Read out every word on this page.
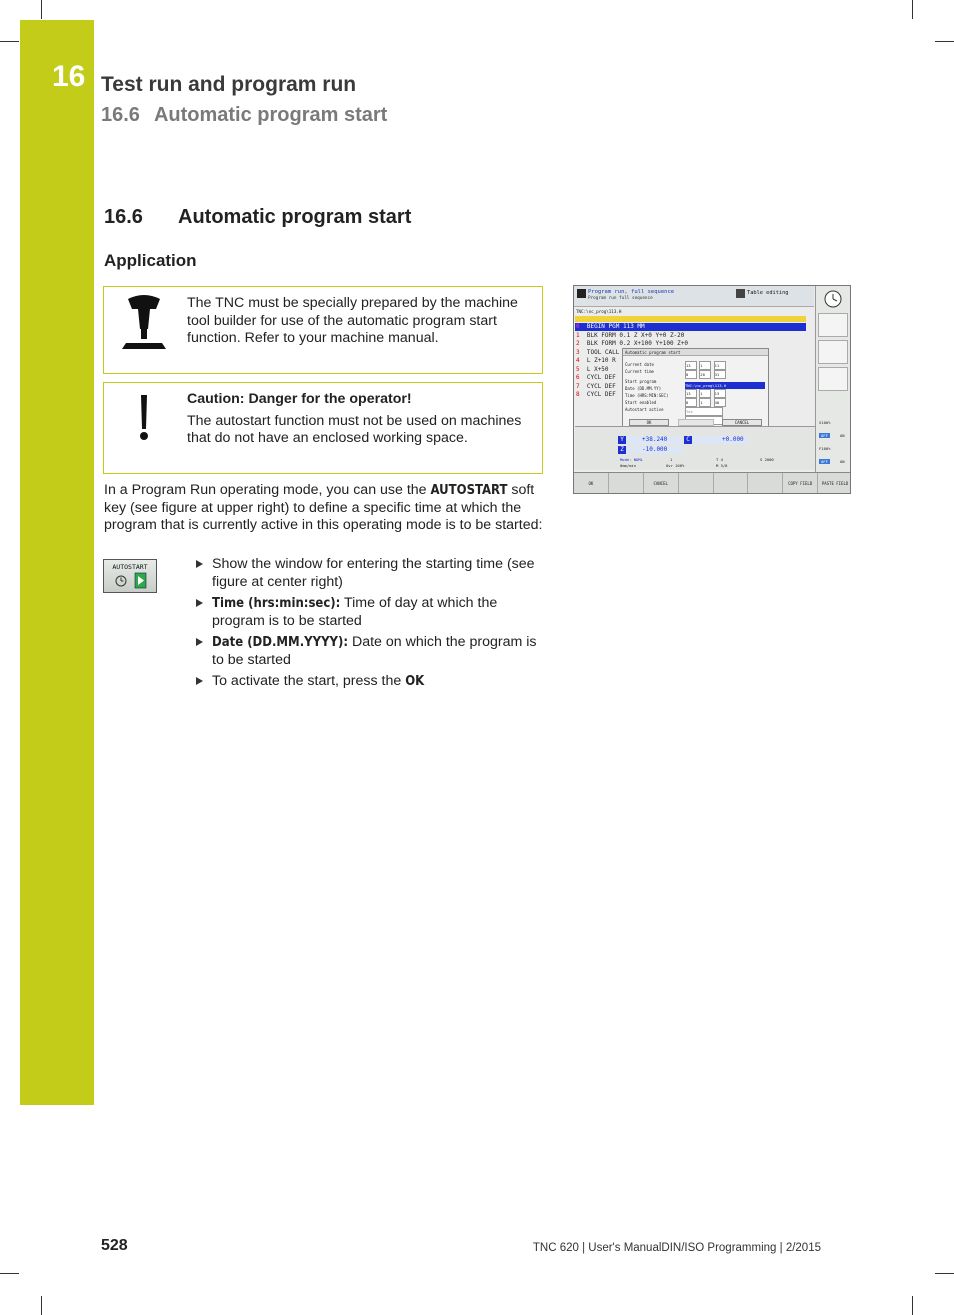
16 Test run and program run
16.6 Automatic program start
16.6 Automatic program start
Application
The TNC must be specially prepared by the machine tool builder for use of the automatic program start function. Refer to your machine manual.
Caution: Danger for the operator!
The autostart function must not be used on machines that do not have an enclosed working space.
In a Program Run operating mode, you can use the AUTOSTART soft key (see figure at upper right) to define a specific time at which the program that is currently active in this operating mode is to be started:
AUTOSTART	Show the window for entering the starting time (see figure at center right)
Time (hrs:min:sec): Time of day at which the program is to be started
Date (DD.MM.YYYY): Date on which the program is to be started
To activate the start, press the OK
Program run, full sequence
Program run full sequence
Table editing
S100%
F100%
OFF	ON
OFF	ON
TNC:\nc_prog\113.H
0 BEGIN PGM 113 MM
1 BLK FORM 0.1 Z X+0 Y+0 Z-20
2 BLK FORM 0.2 X+100 Y+100 Z+0
3 TOOL CALL
4 L Z+10 R
5 L X+50
6 CYCL DEF
7 CYCL DEF
8 CYCL DEF
Automatic program start
Current date
Current time
Start program
Date (DD.MM.YY)
Time (HRS:MIN:SEC)
Start enabled
Autostart active
13	1	11
8	20	31
TNC:\nc_prog\113.H
13	1	13
8	1	40
Yes
OK	CANCEL
Y	+38.240	C	+0.000
Z	-10.000
Mode: NOML	1	T 4	S 2000
0mm/min	Ovr 100%	M 5/8
OK	CANCEL	COPY FIELD	PASTE FIELD
528	TNC 620 | User's ManualDIN/ISO Programming | 2/2015
